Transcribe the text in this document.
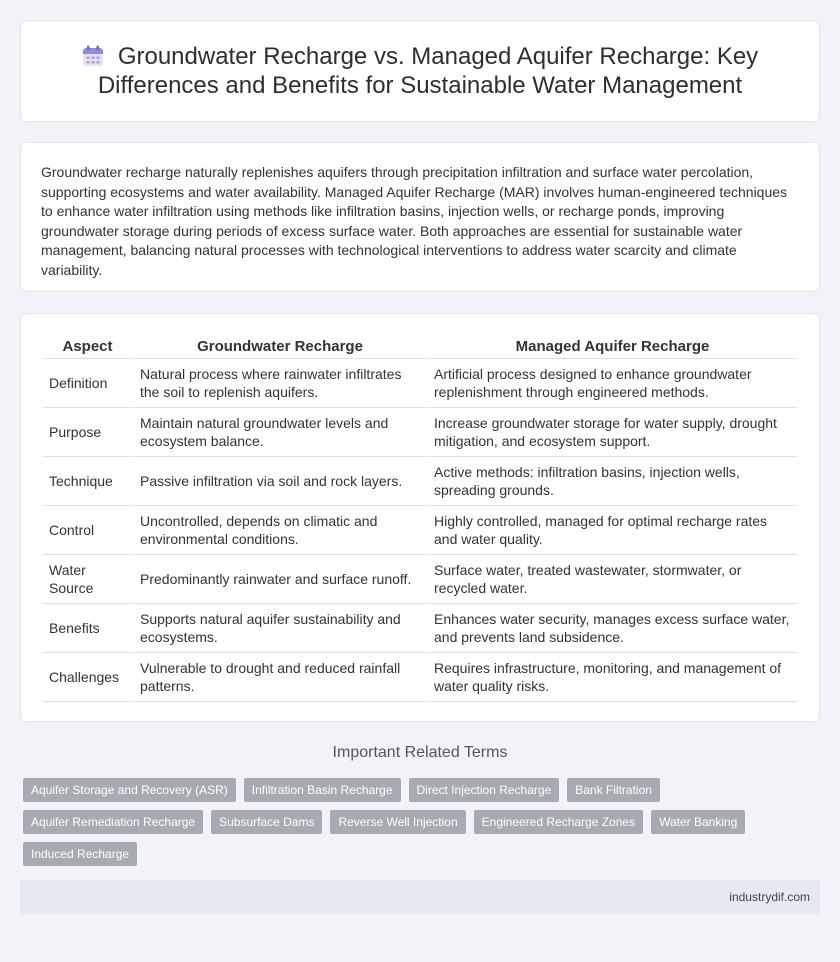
Groundwater Recharge vs. Managed Aquifer Recharge: Key Differences and Benefits for Sustainable Water Management

Groundwater recharge naturally replenishes aquifers through precipitation infiltration and surface water percolation, supporting ecosystems and water availability. Managed Aquifer Recharge (MAR) involves human-engineered techniques to enhance water infiltration using methods like infiltration basins, injection wells, or recharge ponds, improving groundwater storage during periods of excess surface water. Both approaches are essential for sustainable water management, balancing natural processes with technological interventions to address water scarcity and climate variability.

Aspect	Groundwater Recharge	Managed Aquifer Recharge
Definition	Natural process where rainwater infiltrates the soil to replenish aquifers.	Artificial process designed to enhance groundwater replenishment through engineered methods.
Purpose	Maintain natural groundwater levels and ecosystem balance.	Increase groundwater storage for water supply, drought mitigation, and ecosystem support.
Technique	Passive infiltration via soil and rock layers.	Active methods: infiltration basins, injection wells, spreading grounds.
Control	Uncontrolled, depends on climatic and environmental conditions.	Highly controlled, managed for optimal recharge rates and water quality.
Water Source	Predominantly rainwater and surface runoff.	Surface water, treated wastewater, stormwater, or recycled water.
Benefits	Supports natural aquifer sustainability and ecosystems.	Enhances water security, manages excess surface water, and prevents land subsidence.
Challenges	Vulnerable to drought and reduced rainfall patterns.	Requires infrastructure, monitoring, and management of water quality risks.
Important Related Terms
Aquifer Storage and Recovery (ASR)	Infiltration Basin Recharge	Direct Injection Recharge	Bank Filtration
Aquifer Remediation Recharge	Subsurface Dams	Reverse Well Injection	Engineered Recharge Zones	Water Banking
Induced Recharge
industrydif.com
